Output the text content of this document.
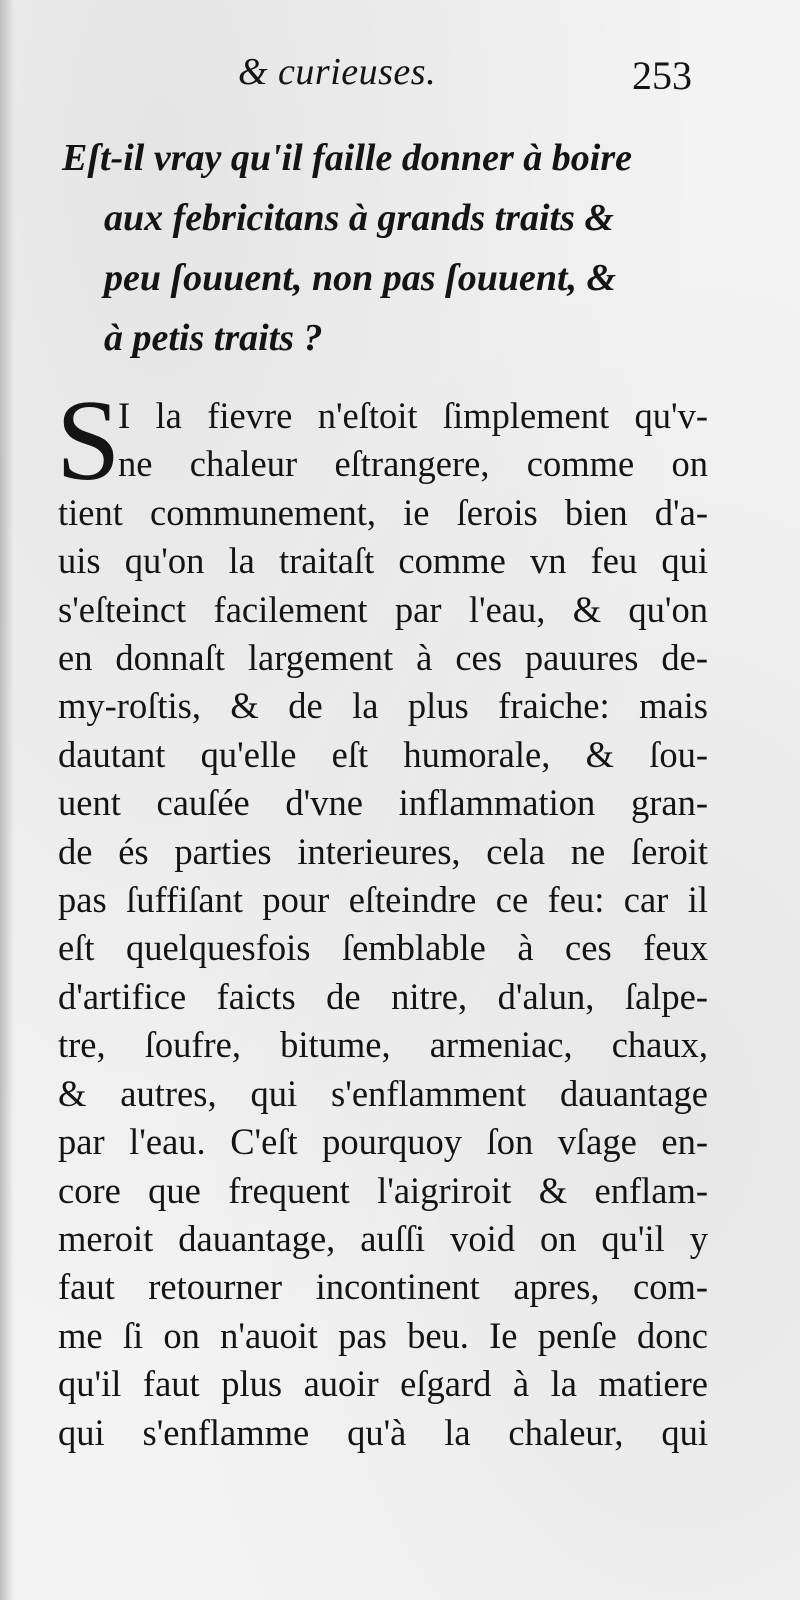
& curieuses.	253
Eſt-il vray qu'il faille donner à boire
aux febricitans à grands traits &
peu ſouuent, non pas ſouuent, &
à petis traits ?
S
I la fievre n'eſtoit ſimplement qu'v-
ne chaleur eſtrangere, comme on
tient communement, ie ſerois bien d'a-
uis qu'on la traitaſt comme vn feu qui
s'eſteinct facilement par l'eau, & qu'on
en donnaſt largement à ces pauures de-
my-roſtis, & de la plus fraiche: mais
dautant qu'elle eſt humorale, & ſou-
uent cauſée d'vne inflammation gran-
de és parties interieures, cela ne ſeroit
pas ſuffiſant pour eſteindre ce feu: car il
eſt quelquesfois ſemblable à ces feux
d'artifice faicts de nitre, d'alun, ſalpe-
tre, ſoufre, bitume, armeniac, chaux,
& autres, qui s'enflamment dauantage
par l'eau. C'eſt pourquoy ſon vſage en-
core que frequent l'aigriroit & enflam-
meroit dauantage, auſſi void on qu'il y
faut retourner incontinent apres, com-
me ſi on n'auoit pas beu. Ie penſe donc
qu'il faut plus auoir eſgard à la matiere
qui s'enflamme qu'à la chaleur, qui
